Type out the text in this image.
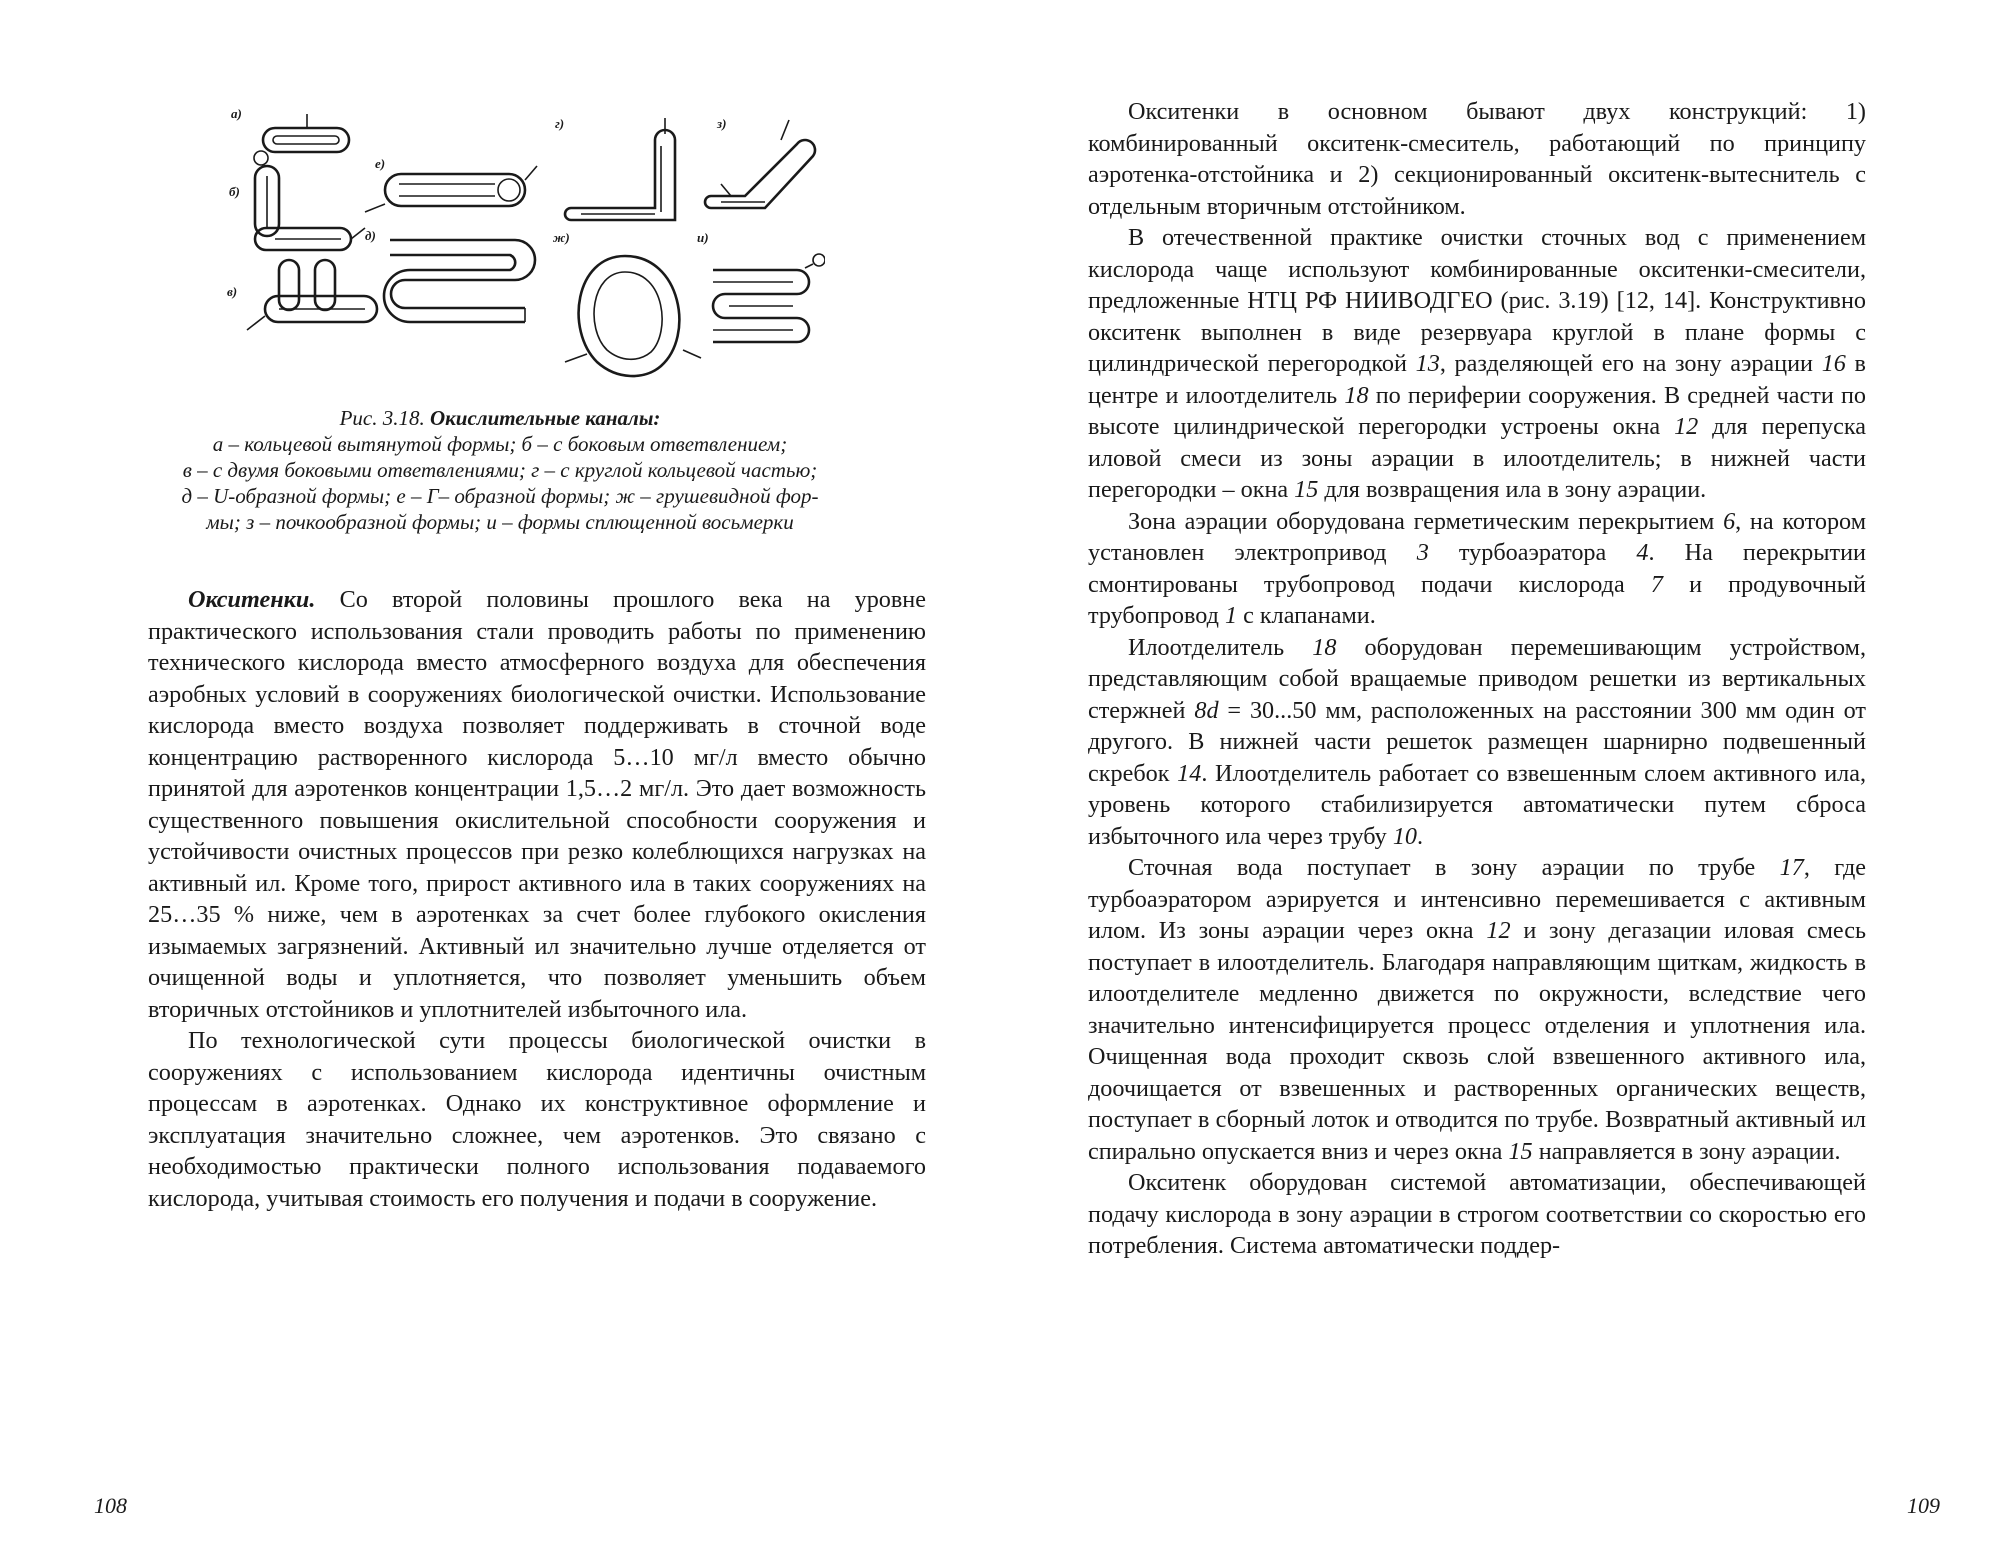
а)
б)
в)
г)
д)
е)
ж)
з)
и)
Рис. 3.18. Окислительные каналы:
а – кольцевой вытянутой формы; б – с боковым ответвлением;
в – с двумя боковыми ответвлениями; г – с круглой кольцевой частью;
д – U-образной формы; е – Г– образной формы; ж – грушевидной фор-
мы; з – почкообразной формы; и – формы сплющенной восьмерки

Окситенки. Со второй половины прошлого века на уровне практического использования стали проводить работы по применению технического кислорода вместо атмосферного воздуха для обеспечения аэробных условий в сооружениях биологической очистки. Использование кислорода вместо воздуха позволяет поддерживать в сточной воде концентрацию растворенного кислорода 5…10 мг/л вместо обычно принятой для аэротенков концентрации 1,5…2 мг/л. Это дает возможность существенного повышения окислительной способности сооружения и устойчивости очистных процессов при резко колеблющихся нагрузках на активный ил. Кроме того, прирост активного ила в таких сооружениях на 25…35 % ниже, чем в аэротенках за счет более глубокого окисления изымаемых загрязнений. Активный ил значительно лучше отделяется от очищенной воды и уплотняется, что позволяет уменьшить объем вторичных отстойников и уплотнителей избыточного ила.

По технологической сути процессы биологической очистки в сооружениях с использованием кислорода идентичны очистным процессам в аэротенках. Однако их конструктивное оформление и эксплуатация значительно сложнее, чем аэротенков. Это связано с необходимостью практически полного использования подаваемого кислорода, учитывая стоимость его получения и подачи в сооружение.

108

Окситенки в основном бывают двух конструкций: 1) комбинированный окситенк-смеситель, работающий по принципу аэротенка-отстойника и 2) секционированный окситенк-вытеснитель с отдельным вторичным отстойником.

В отечественной практике очистки сточных вод с применением кислорода чаще используют комбинированные окситенки-смесители, предложенные НТЦ РФ НИИВОДГЕО (рис. 3.19) [12, 14]. Конструктивно окситенк выполнен в виде резервуара круглой в плане формы с цилиндрической перегородкой 13, разделяющей его на зону аэрации 16 в центре и илоотделитель 18 по периферии сооружения. В средней части по высоте цилиндрической перегородки устроены окна 12 для перепуска иловой смеси из зоны аэрации в илоотделитель; в нижней части перегородки – окна 15 для возвращения ила в зону аэрации.

Зона аэрации оборудована герметическим перекрытием 6, на котором установлен электропривод 3 турбоаэратора 4. На перекрытии смонтированы трубопровод подачи кислорода 7 и продувочный трубопровод 1 с клапанами.

Илоотделитель 18 оборудован перемешивающим устройством, представляющим собой вращаемые приводом решетки из вертикальных стержней 8d = 30...50 мм, расположенных на расстоянии 300 мм один от другого. В нижней части решеток размещен шарнирно подвешенный скребок 14. Илоотделитель работает со взвешенным слоем активного ила, уровень которого стабилизируется автоматически путем сброса избыточного ила через трубу 10.

Сточная вода поступает в зону аэрации по трубе 17, где турбоаэратором аэрируется и интенсивно перемешивается с активным илом. Из зоны аэрации через окна 12 и зону дегазации иловая смесь поступает в илоотделитель. Благодаря направляющим щиткам, жидкость в илоотделителе медленно движется по окружности, вследствие чего значительно интенсифицируется процесс отделения и уплотнения ила. Очищенная вода проходит сквозь слой взвешенного активного ила, доочищается от взвешенных и растворенных органических веществ, поступает в сборный лоток и отводится по трубе. Возвратный активный ил спирально опускается вниз и через окна 15 направляется в зону аэрации.

Окситенк оборудован системой автоматизации, обеспечивающей подачу кислорода в зону аэрации в строгом соответствии со скоростью его потребления. Система автоматически поддер-

109
